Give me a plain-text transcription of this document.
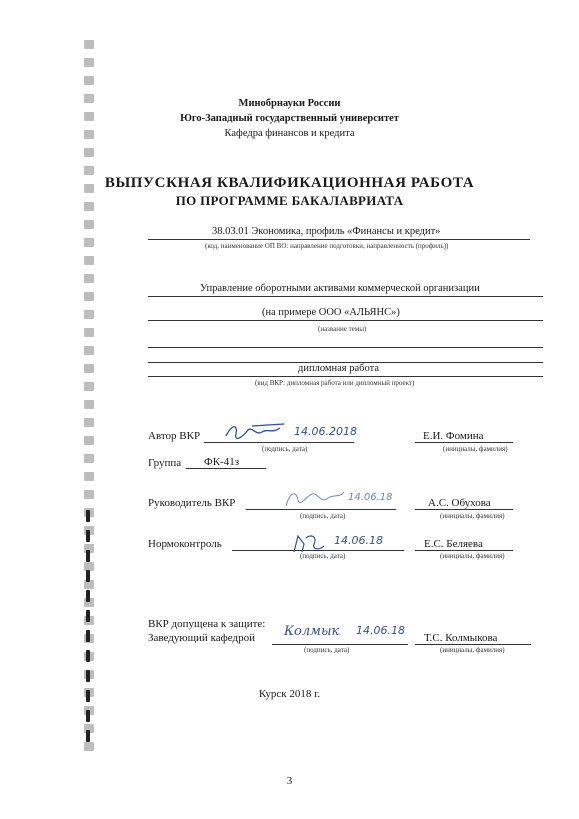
Минобрнауки России
Юго-Западный государственный университет
Кафедра финансов и кредита
ВЫПУСКНАЯ КВАЛИФИКАЦИОННАЯ РАБОТА
ПО ПРОГРАММЕ БАКАЛАВРИАТА
38.03.01 Экономика, профиль «Финансы и кредит»
(код, наименование ОП ВО: направление подготовки, направленность (профиль))
Управление оборотными активами коммерческой организации
(на примере ООО «АЛЬЯНС»)
(название темы)
дипломная работа
(вид ВКР: дипломная работа или дипломный проект)
Автор ВКР	14.06.2018
(подпись, дата)
Е.И. Фомина
(инициалы, фамилия)
Группа ФК-41з
Руководитель ВКР	14.06.18
(подпись, дата)
А.С. Обухова
(инициалы, фамилия)
Нормоконтроль	14.06.18
(подпись, дата)
Е.С. Беляева
(инициалы, фамилия)
ВКР допущена к защите:
Заведующий кафедрой Колмык 14.06.18
(подпись, дата)
Т.С. Колмыкова
(инициалы, фамилия)
Курск 2018 г.
3
